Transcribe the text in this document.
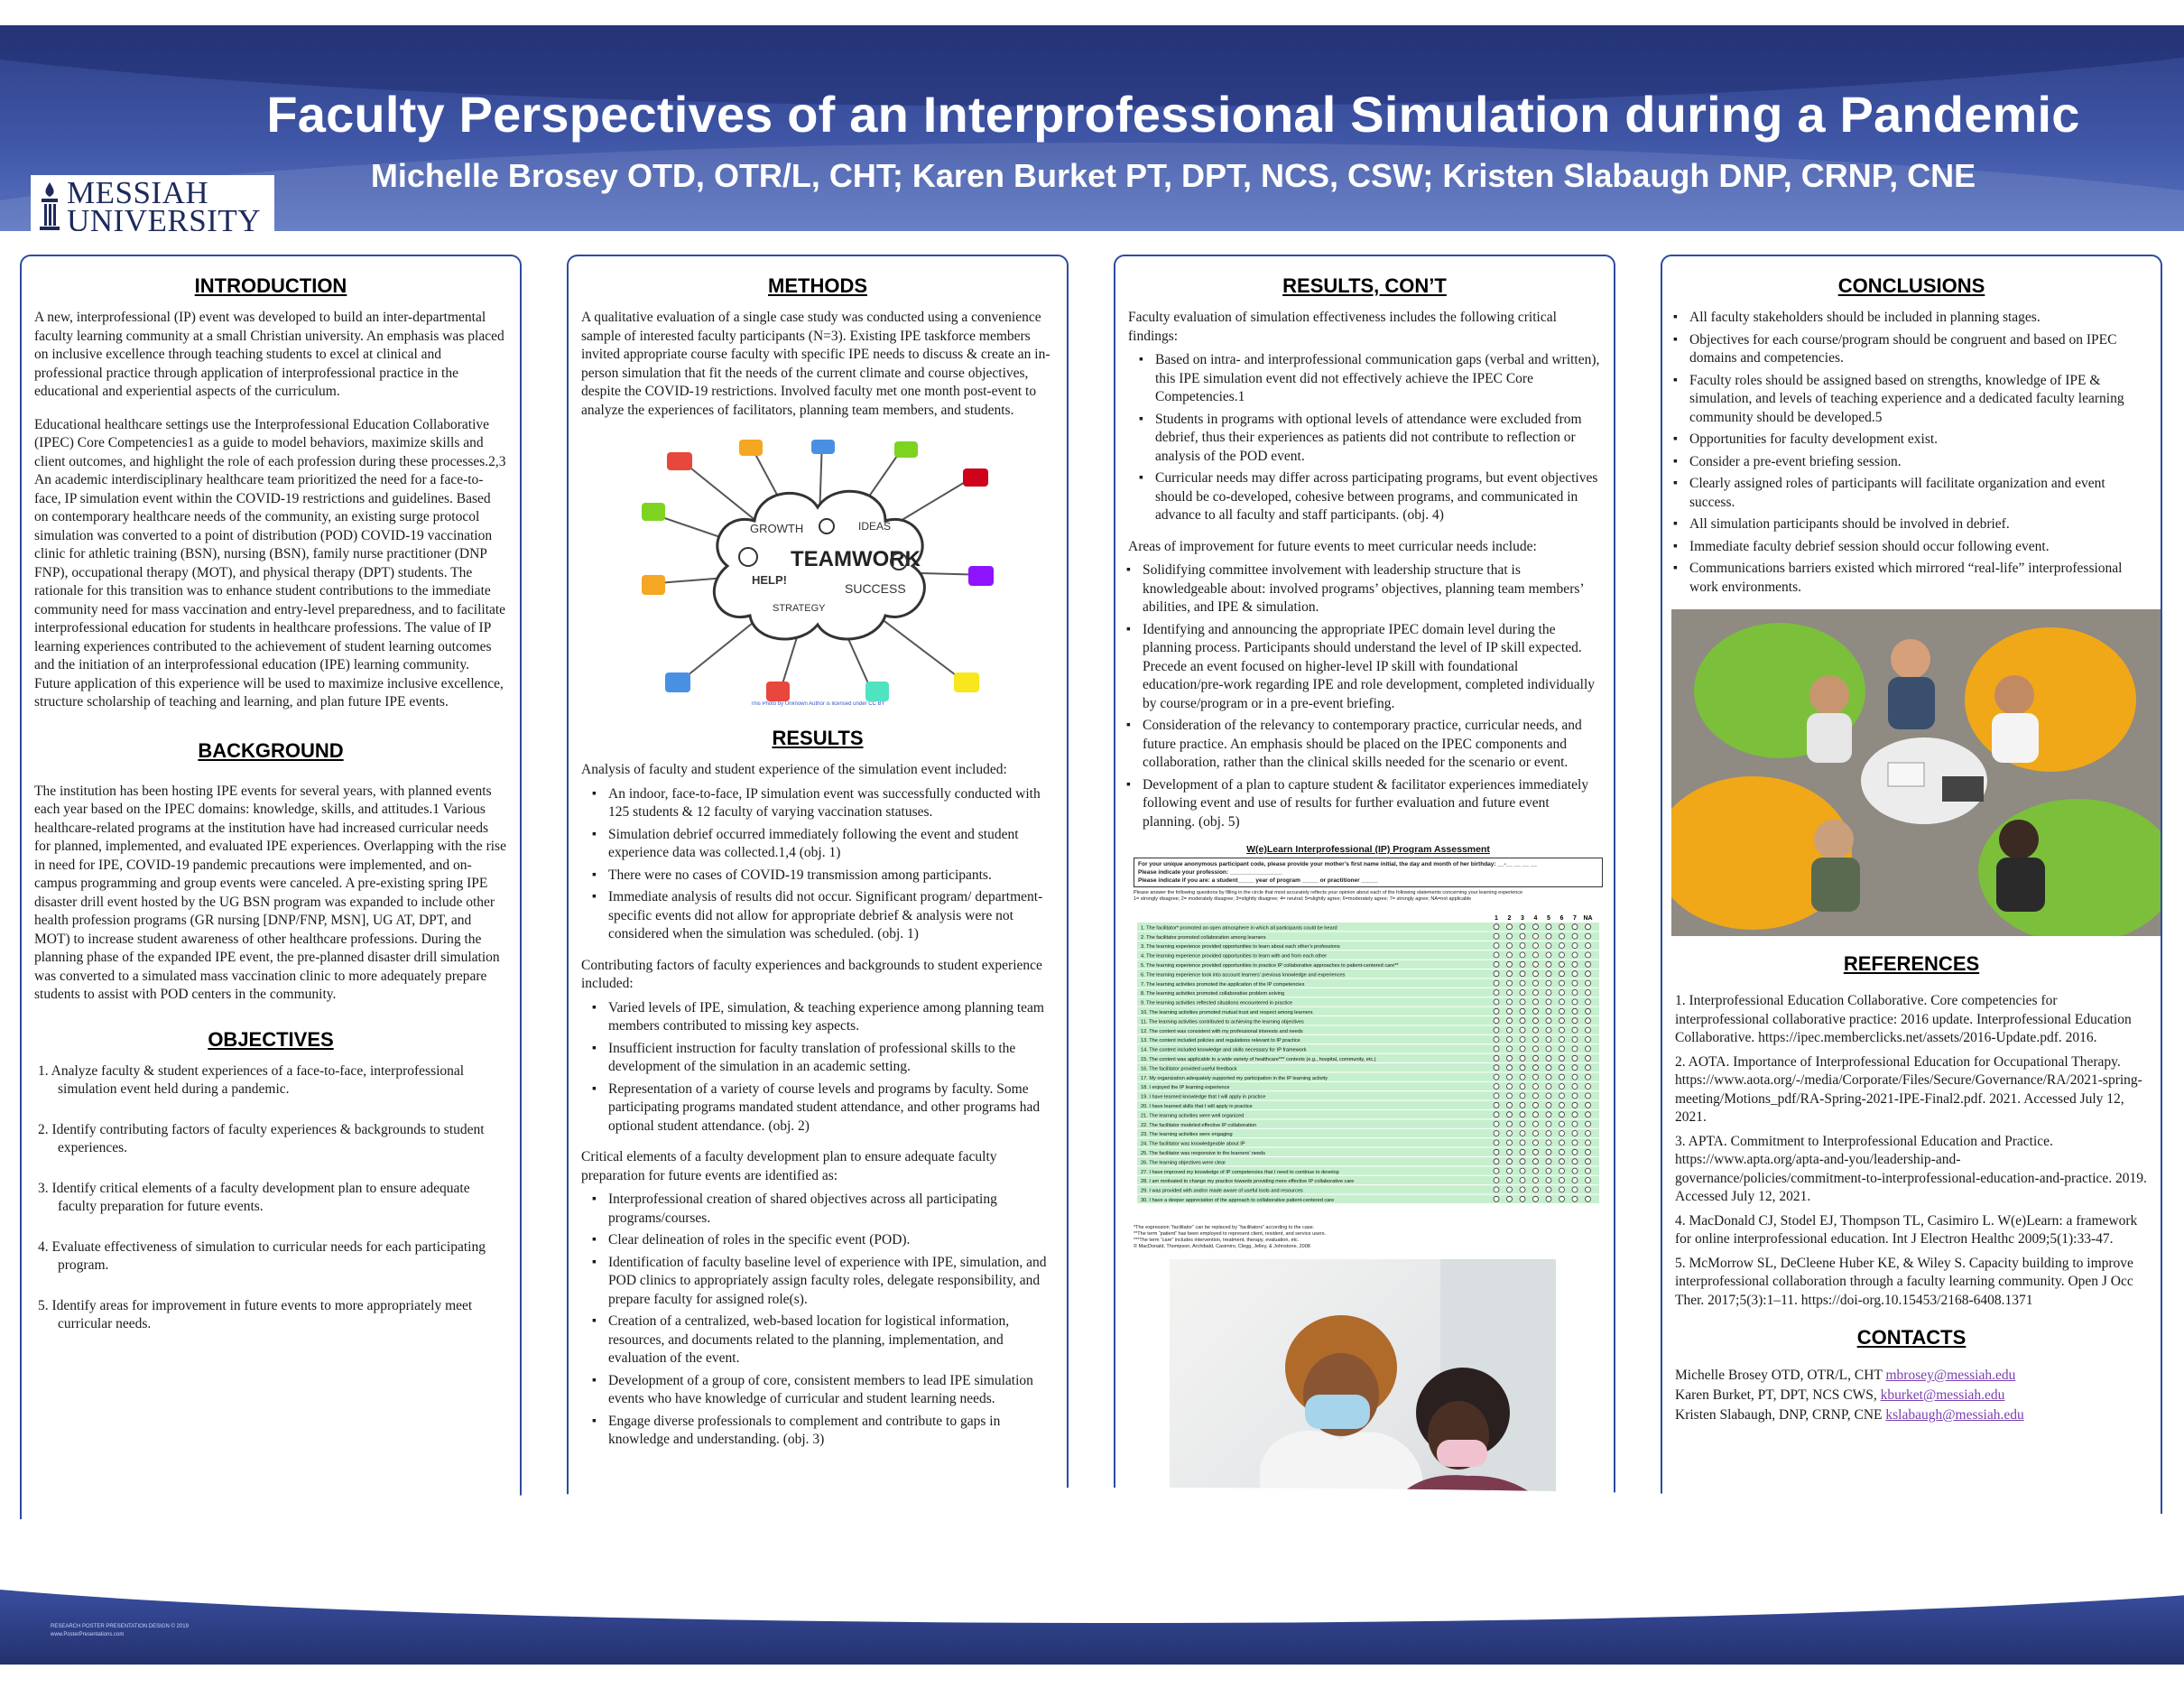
Faculty Perspectives of an Interprofessional Simulation during a Pandemic
Michelle Brosey OTD, OTR/L, CHT; Karen Burket PT, DPT, NCS, CSW; Kristen Slabaugh DNP, CRNP, CNE
MESSIAH
UNIVERSITY
INTRODUCTION

A new, interprofessional (IP) event was developed to build an inter-departmental faculty learning community at a small Christian university. An emphasis was placed on inclusive excellence through teaching students to excel at clinical and professional practice through application of interprofessional practice in the educational and experiential aspects of the curriculum.

Educational healthcare settings use the Interprofessional Education Collaborative (IPEC) Core Competencies1 as a guide to model behaviors, maximize skills and client outcomes, and highlight the role of each profession during these processes.2,3 An academic interdisciplinary healthcare team prioritized the need for a face-to-face, IP simulation event within the COVID-19 restrictions and guidelines. Based on contemporary healthcare needs of the community, an existing surge protocol simulation was converted to a point of distribution (POD) COVID-19 vaccination clinic for athletic training (BSN), nursing (BSN), family nurse practitioner (DNP FNP), occupational therapy (MOT), and physical therapy (DPT) students. The rationale for this transition was to enhance student contributions to the immediate community need for mass vaccination and entry-level preparedness, and to facilitate interprofessional education for students in healthcare professions. The value of IP learning experiences contributed to the achievement of student learning outcomes and the initiation of an interprofessional education (IPE) learning community. Future application of this experience will be used to maximize inclusive excellence, structure scholarship of teaching and learning, and plan future IPE events.

BACKGROUND

The institution has been hosting IPE events for several years, with planned events each year based on the IPEC domains: knowledge, skills, and attitudes.1 Various healthcare-related programs at the institution have had increased curricular needs for planned, implemented, and evaluated IPE experiences. Overlapping with the rise in need for IPE, COVID-19 pandemic precautions were implemented, and on-campus programming and group events were canceled. A pre-existing spring IPE disaster drill event hosted by the UG BSN program was expanded to include other health profession programs (GR nursing [DNP/FNP, MSN], UG AT, DPT, and MOT) to increase student awareness of other healthcare professions. During the planning phase of the expanded IPE event, the pre-planned disaster drill simulation was converted to a simulated mass vaccination clinic to more adequately prepare students to assist with POD centers in the community.

OBJECTIVES
1. Analyze faculty & student experiences of a face-to-face, interprofessional simulation event held during a pandemic.
2. Identify contributing factors of faculty experiences & backgrounds to student experiences.
3. Identify critical elements of a faculty development plan to ensure adequate faculty preparation for future events.
4. Evaluate effectiveness of simulation to curricular needs for each participating program.
5. Identify areas for improvement in future events to more appropriately meet curricular needs.
METHODS

A qualitative evaluation of a single case study was conducted using a convenience sample of interested faculty participants (N=3). Existing IPE taskforce members invited appropriate course faculty with specific IPE needs to discuss & create an in-person simulation that fit the needs of the current climate and course objectives, despite the COVID-19 restrictions. Involved faculty met one month post-event to analyze the experiences of facilitators, planning team members, and students.

TEAMWORK
GROWTH
SUCCESS
IDEAS
HELP!
STRATEGY
This Photo by Unknown Author is licensed under CC BY
RESULTS

Analysis of faculty and student experience of the simulation event included:

▪ An indoor, face-to-face, IP simulation event was successfully conducted with 125 students & 12 faculty of varying vaccination statuses.
▪ Simulation debrief occurred immediately following the event and student experience data was collected.1,4 (obj. 1)
▪ There were no cases of COVID-19 transmission among participants.
▪ Immediate analysis of results did not occur. Significant program/ department-specific events did not allow for appropriate debrief & analysis were not considered when the simulation was scheduled. (obj. 1)

Contributing factors of faculty experiences and backgrounds to student experience included:

▪ Varied levels of IPE, simulation, & teaching experience among planning team members contributed to missing key aspects.
▪ Insufficient instruction for faculty translation of professional skills to the development of the simulation in an academic setting.
▪ Representation of a variety of course levels and programs by faculty. Some participating programs mandated student attendance, and other programs had optional student attendance. (obj. 2)

Critical elements of a faculty development plan to ensure adequate faculty preparation for future events are identified as:

▪ Interprofessional creation of shared objectives across all participating programs/courses.
▪ Clear delineation of roles in the specific event (POD).
▪ Identification of faculty baseline level of experience with IPE, simulation, and POD clinics to appropriately assign faculty roles, delegate responsibility, and prepare faculty for assigned role(s).
▪ Creation of a centralized, web-based location for logistical information, resources, and documents related to the planning, implementation, and evaluation of the event.
▪ Development of a group of core, consistent members to lead IPE simulation events who have knowledge of curricular and student learning needs.
▪ Engage diverse professionals to complement and contribute to gaps in knowledge and understanding. (obj. 3)
RESULTS, CON’T

Faculty evaluation of simulation effectiveness includes the following critical findings:

▪ Based on intra- and interprofessional communication gaps (verbal and written), this IPE simulation event did not effectively achieve the IPEC Core Competencies.1
▪ Students in programs with optional levels of attendance were excluded from debrief, thus their experiences as patients did not contribute to reflection or analysis of the POD event.
▪ Curricular needs may differ across participating programs, but event objectives should be co-developed, cohesive between programs, and communicated in advance to all faculty and staff participants. (obj. 4)

Areas of improvement for future events to meet curricular needs include:

▪ Solidifying committee involvement with leadership structure that is knowledgeable about: involved programs’ objectives, planning team members’ abilities, and IPE & simulation.
▪ Identifying and announcing the appropriate IPEC domain level during the planning process. Participants should understand the level of IP skill expected. Precede an event focused on higher-level IP skill with foundational education/pre-work regarding IPE and role development, completed individually by course/program or in a pre-event briefing.
▪ Consideration of the relevancy to contemporary practice, curricular needs, and future practice. An emphasis should be placed on the IPEC components and collaboration, rather than the clinical skills needed for the scenario or event.
▪ Development of a plan to capture student & facilitator experiences immediately following event and use of results for further evaluation and future event planning. (obj. 5)
W(e)Learn Interprofessional (IP) Program Assessment
For your unique anonymous participant code, please provide your mother’s first name initial, the day and month of her birthday: __-__ __ __ __
Please indicate your profession: ________________
Please indicate if you are: a student_____ year of program _____ or practitioner _____
Please answer the following questions by filling in the circle that most accurately reflects your opinion about each of the following statements concerning your learning experience
1= strongly disagree; 2= moderately disagree; 3=slightly disagree; 4= neutral; 5=slightly agree; 6=moderately agree; 7= strongly agree; NA=not applicable
1 2 3 4 5 6 7 NA
1. The facilitator* promoted an open atmosphere in which all participants could be heard
2. The facilitator promoted collaboration among learners
3. The learning experience provided opportunities to learn about each other’s professions
4. The learning experience provided opportunities to learn with and from each other
5. The learning experience provided opportunities to practice IP collaborative approaches to patient-centered care**
6. The learning experience took into account learners’ previous knowledge and experiences
7. The learning activities promoted the application of the IP competencies
8. The learning activities promoted collaborative problem solving
9. The learning activities reflected situations encountered in practice
10. The learning activities promoted mutual trust and respect among learners
11. The learning activities contributed to achieving the learning objectives
12. The content was consistent with my professional interests and needs
13. The content included policies and regulations relevant to IP practice
14. The content included knowledge and skills necessary for IP framework
15. The content was applicable to a wide variety of healthcare*** contexts (e.g., hospital, community, etc.)
16. The facilitator provided useful feedback
17. My organization adequately supported my participation in the IP learning activity
18. I enjoyed the IP learning experience
19. I have learned knowledge that I will apply in practice
20. I have learned skills that I will apply in practice
21. The learning activities were well organized
22. The facilitator modeled effective IP collaboration
23. The learning activities were engaging
24. The facilitator was knowledgeable about IP
25. The facilitator was responsive to the learners’ needs
26. The learning objectives were clear
27. I have improved my knowledge of IP competencies that I need to continue to develop
28. I am motivated to change my practice towards providing more effective IP collaborative care
29. I was provided with and/or made aware of useful tools and resources
30. I have a deeper appreciation of the approach to collaborative patient-centered care
*The expression “facilitator” can be replaced by “facilitators” according to the case.
**The term “patient” has been employed to represent client, resident, and service users.
***The term “care” includes intervention, treatment, therapy, evaluation, etc.
© MacDonald, Thompson, Archibald, Casimiro, Clegg, Jelley, & Johnstone, 2008
CONCLUSIONS
▪ All faculty stakeholders should be included in planning stages.
▪ Objectives for each course/program should be congruent and based on IPEC domains and competencies.
▪ Faculty roles should be assigned based on strengths, knowledge of IPE & simulation, and levels of teaching experience and a dedicated faculty learning community should be developed.5
▪ Opportunities for faculty development exist.
▪ Consider a pre-event briefing session.
▪ Clearly assigned roles of participants will facilitate organization and event success.
▪ All simulation participants should be involved in debrief.
▪ Immediate faculty debrief session should occur following event.
▪ Communications barriers existed which mirrored “real-life” interprofessional work environments.
REFERENCES

1. Interprofessional Education Collaborative. Core competencies for interprofessional collaborative practice: 2016 update. Interprofessional Education Collaborative. https://ipec.memberclicks.net/assets/2016-Update.pdf. 2016.

2. AOTA. Importance of Interprofessional Education for Occupational Therapy. https://www.aota.org/-/media/Corporate/Files/Secure/Governance/RA/2021-spring-meeting/Motions_pdf/RA-Spring-2021-IPE-Final2.pdf. 2021. Accessed July 12, 2021.

3. APTA. Commitment to Interprofessional Education and Practice. https://www.apta.org/apta-and-you/leadership-and-governance/policies/commitment-to-interprofessional-education-and-practice. 2019. Accessed July 12, 2021.

4. MacDonald CJ, Stodel EJ, Thompson TL, Casimiro L. W(e)Learn: a framework for online interprofessional education. Int J Electron Healthc 2009;5(1):33-47.

5. McMorrow SL, DeCleene Huber KE, & Wiley S. Capacity building to improve interprofessional collaboration through a faculty learning community. Open J Occ Ther. 2017;5(3):1–11. https://doi-org.10.15453/2168-6408.1371

CONTACTS
Michelle Brosey OTD, OTR/L, CHT mbrosey@messiah.edu
Karen Burket, PT, DPT, NCS CWS, kburket@messiah.edu
Kristen Slabaugh, DNP, CRNP, CNE kslabaugh@messiah.edu
RESEARCH POSTER PRESENTATION DESIGN © 2019
www.PosterPresentations.com
